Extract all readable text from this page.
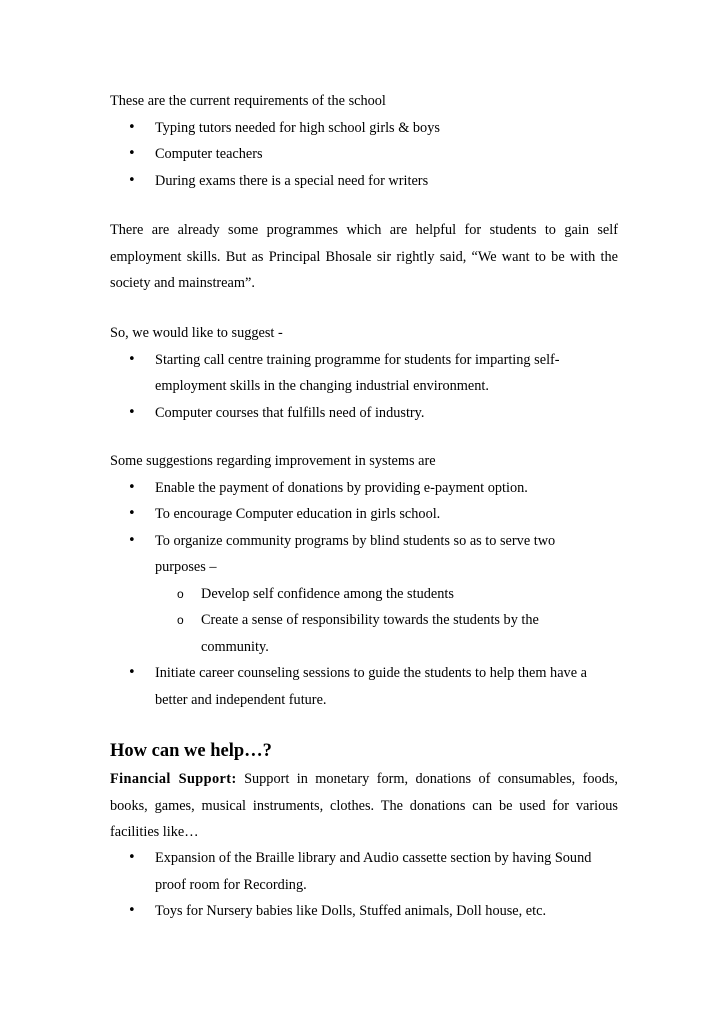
These are the current requirements of the school

• Typing tutors needed for high school girls & boys
• Computer teachers
• During exams there is a special need for writers

There are already some programmes which are helpful for students to gain self

employment skills. But as Principal Bhosale sir rightly said, “We want to be with the

society and mainstream”.

So, we would like to suggest -

• Starting call centre training programme for students for imparting self-
employment skills in the changing industrial environment.
• Computer courses that fulfills need of industry.

Some suggestions regarding improvement in systems are

• Enable the payment of donations by providing e-payment option.
• To encourage Computer education in girls school.
• To organize community programs by blind students so as to serve two
purposes –
o Develop self confidence among the students
o Create a sense of responsibility towards the students by the
community.
• Initiate career counseling sessions to guide the students to help them have a
better and independent future.
How can we help…?

Financial Support: Support in monetary form, donations of consumables, foods,

books, games, musical instruments, clothes. The donations can be used for various

facilities like…

• Expansion of the Braille library and Audio cassette section by having Sound
proof room for Recording.
• Toys for Nursery babies like Dolls, Stuffed animals, Doll house, etc.
